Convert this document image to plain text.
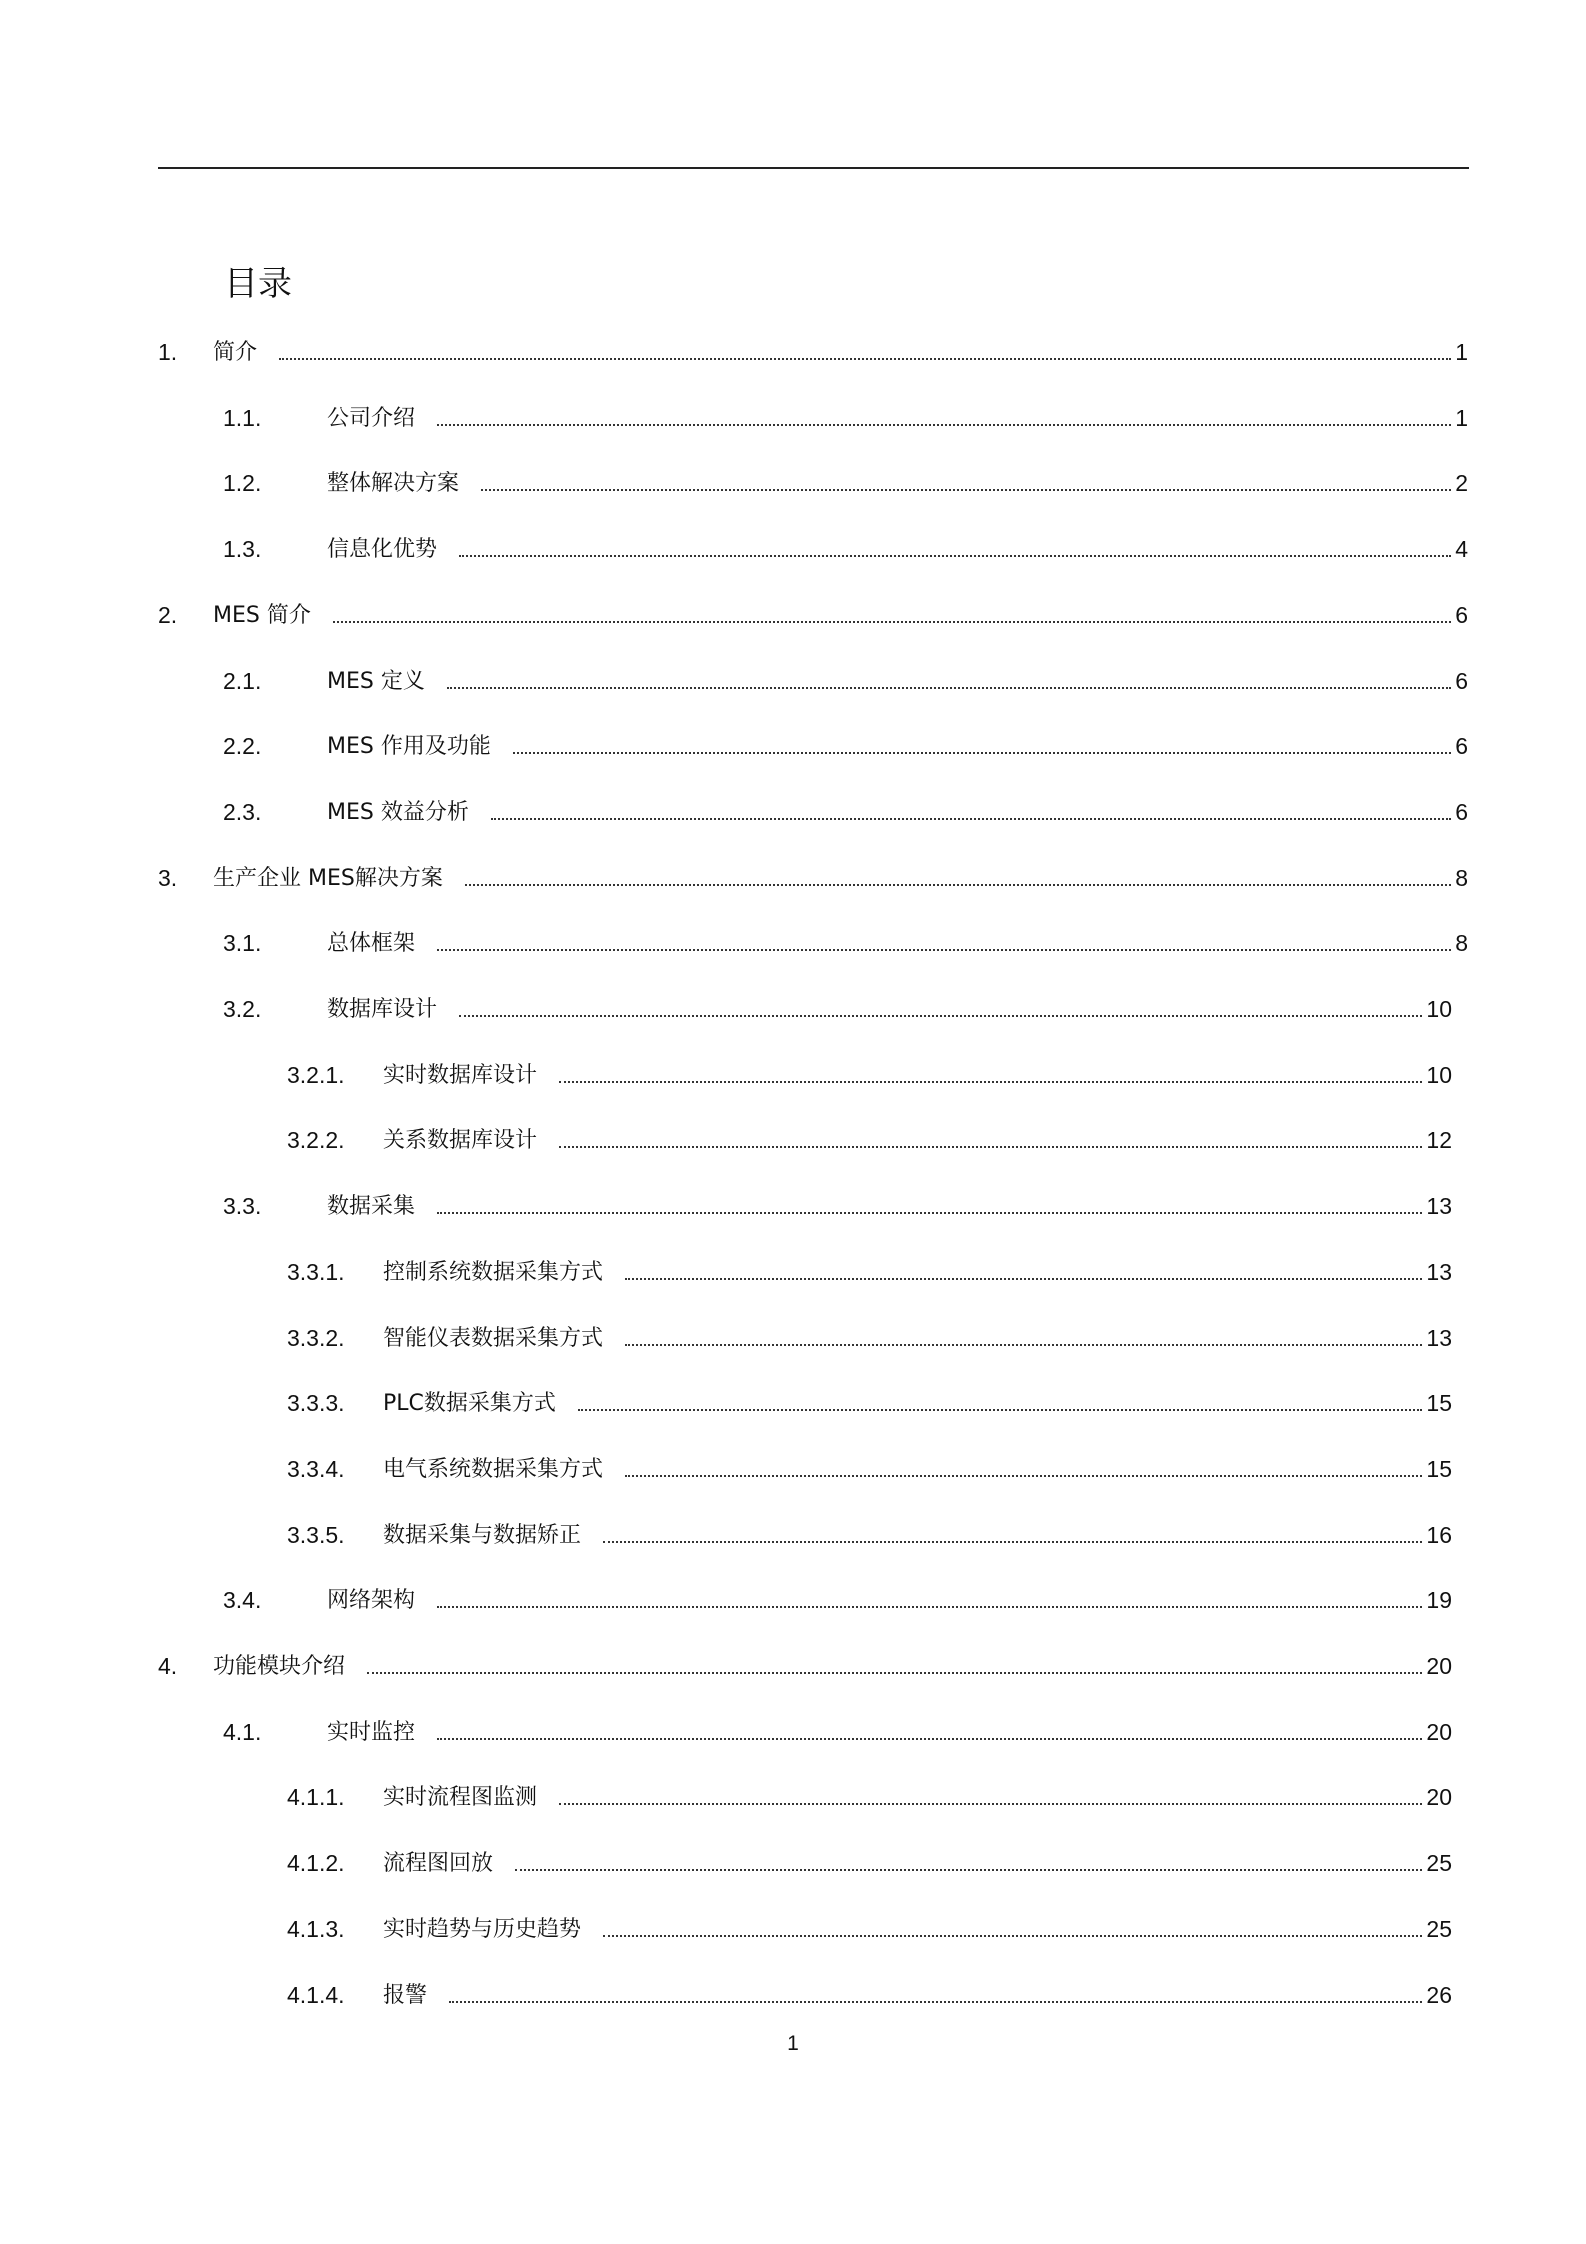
目录
1. 简介	1
1.1.	公司介绍	1
1.2.	整体解决方案	2
1.3.	信息化优势	4
2. MES 简介	6
2.1.	MES 定义	6
2.2.	MES 作用及功能	6
2.3.	MES 效益分析	6
3. 生产企业 MES解决方案	8
3.1.	总体框架	8
3.2.	数据库设计	10
3.2.1. 实时数据库设计	10
3.2.2. 关系数据库设计	12
3.3.	数据采集	13
3.3.1. 控制系统数据采集方式	13
3.3.2. 智能仪表数据采集方式	13
3.3.3. PLC数据采集方式	15
3.3.4. 电气系统数据采集方式	15
3.3.5. 数据采集与数据矫正	16
3.4.	网络架构	19
4. 功能模块介绍	20
4.1.	实时监控	20
4.1.1. 实时流程图监测	20
4.1.2. 流程图回放	25
4.1.3. 实时趋势与历史趋势	25
4.1.4. 报警	26
1
